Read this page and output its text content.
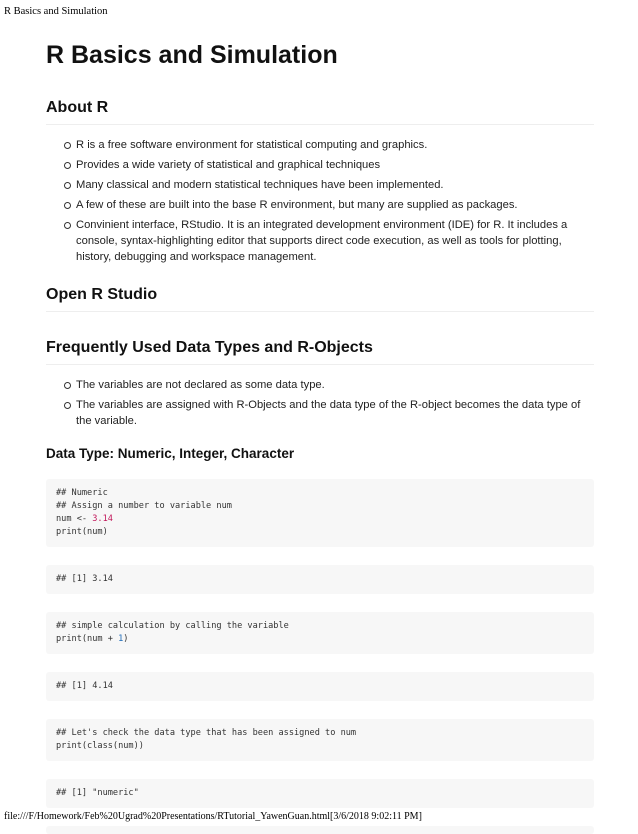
R Basics and Simulation
R Basics and Simulation
About R
R is a free software environment for statistical computing and graphics.
Provides a wide variety of statistical and graphical techniques
Many classical and modern statistical techniques have been implemented.
A few of these are built into the base R environment, but many are supplied as packages.
Convinient interface, RStudio. It is an integrated development environment (IDE) for R. It includes a console, syntax-highlighting editor that supports direct code execution, as well as tools for plotting, history, debugging and workspace management.
Open R Studio
Frequently Used Data Types and R-Objects
The variables are not declared as some data type.
The variables are assigned with R-Objects and the data type of the R-object becomes the data type of the variable.
Data Type: Numeric, Integer, Character
## Numeric
## Assign a number to variable num
num <- 3.14
print(num)
## [1] 3.14
## simple calculation by calling the variable
print(num + 1)
## [1] 4.14
## Let's check the data type that has been assigned to num
print(class(num))
## [1] "numeric"
file:///F/Homework/Feb%20Ugrad%20Presentations/RTutorial_YawenGuan.html[3/6/2018 9:02:11 PM]
